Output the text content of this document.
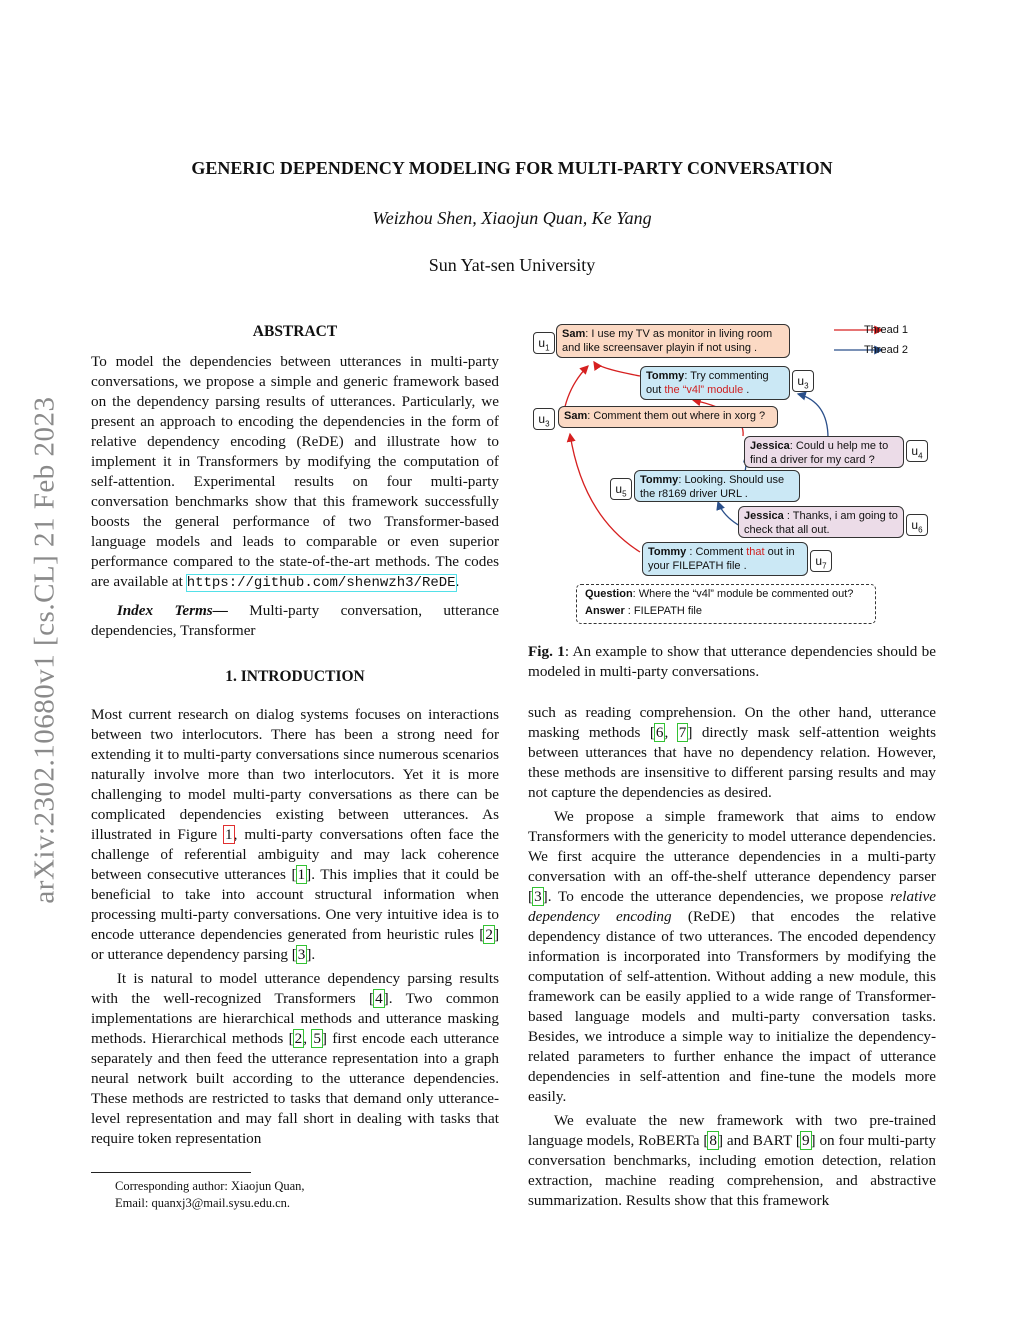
arXiv:2302.10680v1 [cs.CL] 21 Feb 2023
GENERIC DEPENDENCY MODELING FOR MULTI-PARTY CONVERSATION
Weizhou Shen, Xiaojun Quan, Ke Yang
Sun Yat-sen University
ABSTRACT

To model the dependencies between utterances in multi-party conversations, we propose a simple and generic framework based on the dependency parsing results of utterances. Particularly, we present an approach to encoding the dependencies in the form of relative dependency encoding (ReDE) and illustrate how to implement it in Transformers by modifying the computation of self-attention. Experimental results on four multi-party conversation benchmarks show that this framework successfully boosts the general performance of two Transformer-based language models and leads to comparable or even superior performance compared to the state-of-the-art methods. The codes are available at https://github.com/shenwzh3/ReDE.

Index Terms— Multi-party conversation, utterance dependencies, Transformer

1. INTRODUCTION

Most current research on dialog systems focuses on interactions between two interlocutors. There has been a strong need for extending it to multi-party conversations since numerous scenarios naturally involve more than two interlocutors. Yet it is more challenging to model multi-party conversations as there can be complicated dependencies existing between utterances. As illustrated in Figure 1, multi-party conversations often face the challenge of referential ambiguity and may lack coherence between consecutive utterances [1]. This implies that it could be beneficial to take into account structural information when processing multi-party conversations. One very intuitive idea is to encode utterance dependencies generated from heuristic rules [2] or utterance dependency parsing [3].

It is natural to model utterance dependency parsing results with the well-recognized Transformers [4]. Two common implementations are hierarchical methods and utterance masking methods. Hierarchical methods [2, 5] first encode each utterance separately and then feed the utterance representation into a graph neural network built according to the utterance dependencies. These methods are restricted to tasks that demand only utterance-level representation and may fall short in dealing with tasks that require token representation

Corresponding author: Xiaojun Quan,
Email: quanxj3@mail.sysu.edu.cn.
Thread 1
Thread 2
$u_1$
Sam: I use my TV as monitor in living room and like screensaver playin if not using .
Tommy: Try commenting out the “v4l” module .
$u_3$
$u_3$
Sam: Comment them out where in xorg ?
Jessica: Could u help me to find a driver for my card ?
$u_4$
$u_5$
Tommy: Looking. Should use the r8169 driver URL .
Jessica : Thanks, i am going to check that all out.	$u_6$
Tommy : Comment that out in your FILEPATH file .	$u_7$
Question: Where the “v4l” module be commented out?
Answer : FILEPATH file
Fig. 1: An example to show that utterance dependencies should be modeled in multi-party conversations.

such as reading comprehension. On the other hand, utterance masking methods [6, 7] directly mask self-attention weights between utterances that have no dependency relation. However, these methods are insensitive to different parsing results and may not capture the dependencies as desired.

We propose a simple framework that aims to endow Transformers with the genericity to model utterance dependencies. We first acquire the utterance dependencies in a multi-party conversation with an off-the-shelf utterance dependency parser [3]. To encode the utterance dependencies, we propose relative dependency encoding (ReDE) that encodes the relative dependency distance of two utterances. The encoded dependency information is incorporated into Transformers by modifying the computation of self-attention. Without adding a new module, this framework can be easily applied to a wide range of Transformer-based language models and multi-party conversation tasks. Besides, we introduce a simple way to initialize the dependency-related parameters to further enhance the impact of utterance dependencies in self-attention and fine-tune the models more easily.

We evaluate the new framework with two pre-trained language models, RoBERTa [8] and BART [9] on four multi-party conversation benchmarks, including emotion detection, relation extraction, machine reading comprehension, and abstractive summarization. Results show that this framework
